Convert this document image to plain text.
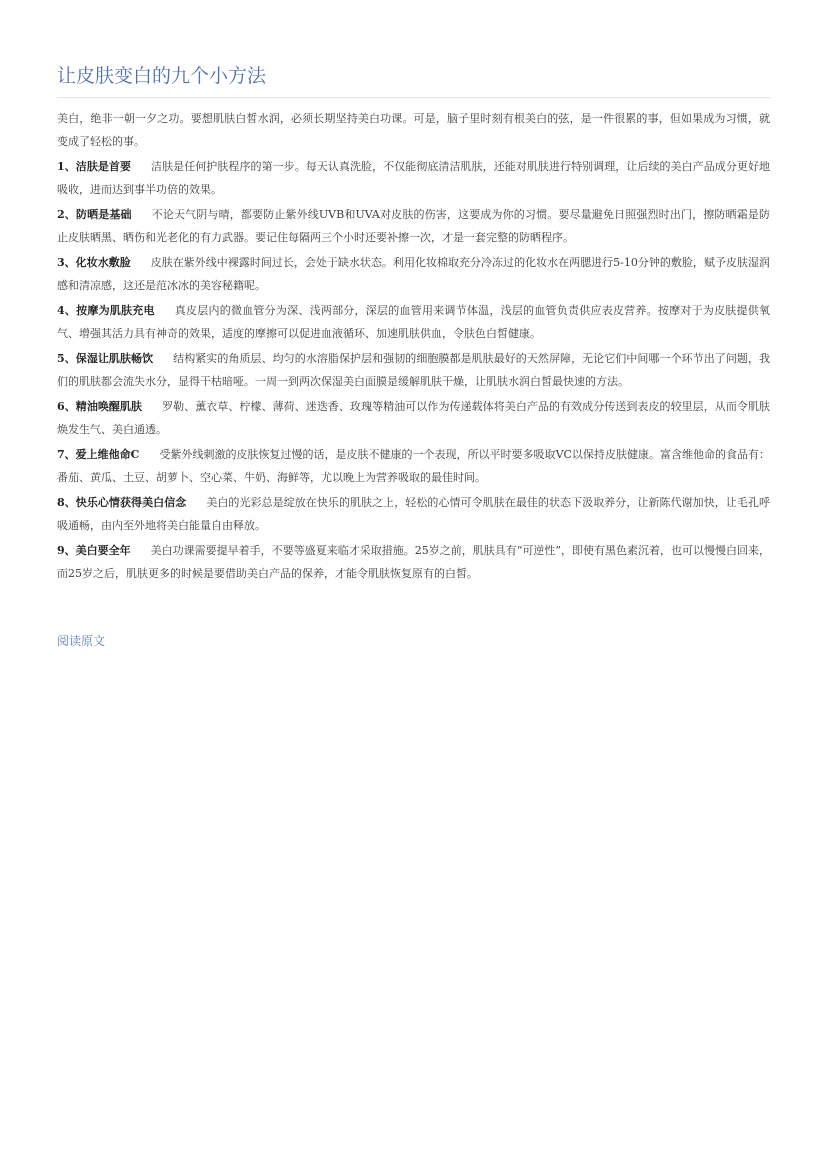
让皮肤变白的九个小方法

美白，绝非一朝一夕之功。要想肌肤白皙水润，必须长期坚持美白功课。可是，脑子里时刻有根美白的弦，是一件很累的事，但如果成为习惯，就变成了轻松的事。

1、洁肤是首要 洁肤是任何护肤程序的第一步。每天认真洗脸，不仅能彻底清洁肌肤，还能对肌肤进行特别调理，让后续的美白产品成分更好地吸收，进而达到事半功倍的效果。

2、防晒是基础 不论天气阴与晴，都要防止紫外线UVB和UVA对皮肤的伤害，这要成为你的习惯。要尽量避免日照强烈时出门，擦防晒霜是防止皮肤晒黑、晒伤和光老化的有力武器。要记住每隔两三个小时还要补擦一次，才是一套完整的防晒程序。

3、化妆水敷脸 皮肤在紫外线中裸露时间过长，会处于缺水状态。利用化妆棉取充分冷冻过的化妆水在两腮进行5-10分钟的敷脸，赋予皮肤湿润感和清凉感，这还是范冰冰的美容秘籍呢。

4、按摩为肌肤充电 真皮层内的微血管分为深、浅两部分，深层的血管用来调节体温，浅层的血管负责供应表皮营养。按摩对于为皮肤提供氧气、增强其活力具有神奇的效果，适度的摩擦可以促进血液循环、加速肌肤供血，令肤色白皙健康。

5、保湿让肌肤畅饮 结构紧实的角质层、均匀的水溶脂保护层和强韧的细胞膜都是肌肤最好的天然屏障，无论它们中间哪一个环节出了问题，我们的肌肤都会流失水分，显得干枯暗哑。一周一到两次保湿美白面膜是缓解肌肤干燥，让肌肤水润白皙最快速的方法。

6、精油唤醒肌肤 罗勒、薰衣草、柠檬、薄荷、迷迭香、玫瑰等精油可以作为传递载体将美白产品的有效成分传送到表皮的较里层，从而令肌肤焕发生气、美白通透。

7、爱上维他命C 受紫外线刺激的皮肤恢复过慢的话，是皮肤不健康的一个表现，所以平时要多吸取VC以保持皮肤健康。富含维他命的食品有：番茄、黄瓜、土豆、胡萝卜、空心菜、牛奶、海鲜等，尤以晚上为营养吸取的最佳时间。

8、快乐心情获得美白信念 美白的光彩总是绽放在快乐的肌肤之上，轻松的心情可令肌肤在最佳的状态下汲取养分，让新陈代谢加快，让毛孔呼吸通畅，由内至外地将美白能量自由释放。

9、美白要全年 美白功课需要提早着手，不要等盛夏来临才采取措施。25岁之前，肌肤具有“可逆性”，即使有黑色素沉着，也可以慢慢白回来，而25岁之后，肌肤更多的时候是要借助美白产品的保养，才能令肌肤恢复原有的白皙。

阅读原文
